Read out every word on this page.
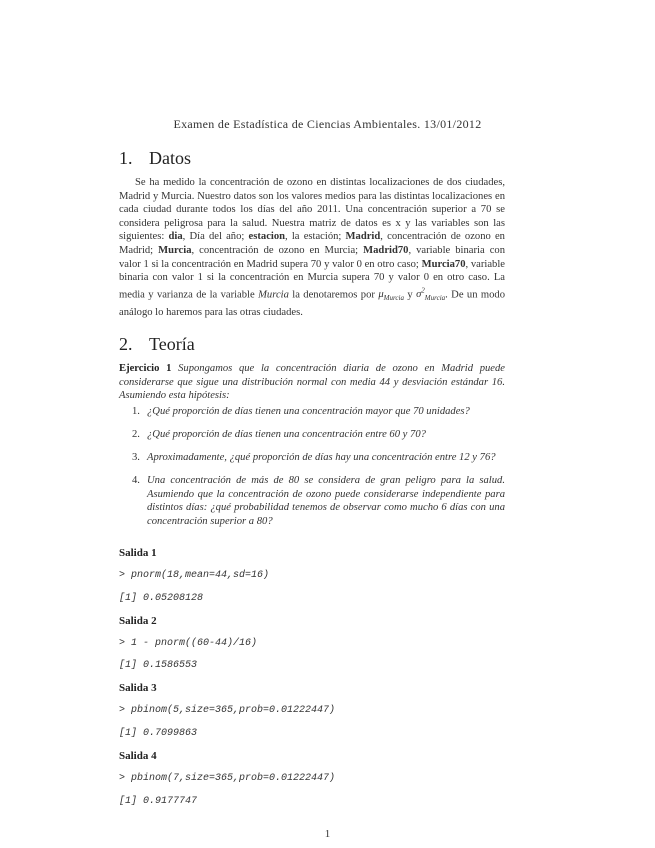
Examen de Estadística de Ciencias Ambientales. 13/01/2012
1. Datos
Se ha medido la concentración de ozono en distintas localizaciones de dos ciudades, Madrid y Murcia. Nuestro datos son los valores medios para las distintas localizaciones en cada ciudad durante todos los días del año 2011. Una concentración superior a 70 se considera peligrosa para la salud. Nuestra matriz de datos es x y las variables son las siguientes: dia, Día del año; estacion, la estación; Madrid, concentración de ozono en Madrid; Murcia, concentración de ozono en Murcia; Madrid70, variable binaria con valor 1 si la concentración en Madrid supera 70 y valor 0 en otro caso; Murcia70, variable binaria con valor 1 si la concentración en Murcia supera 70 y valor 0 en otro caso. La media y varianza de la variable Murcia la denotaremos por $\mu_{Murcia}$ y $\sigma^2_{Murcia}$. De un modo análogo lo haremos para las otras ciudades.
2. Teoría
Ejercicio 1 Supongamos que la concentración diaria de ozono en Madrid puede considerarse que sigue una distribución normal con media 44 y desviación estándar 16. Asumiendo esta hipótesis:
1. ¿Qué proporción de días tienen una concentración mayor que 70 unidades?
2. ¿Qué proporción de días tienen una concentración entre 60 y 70?
3. Aproximadamente, ¿qué proporción de días hay una concentración entre 12 y 76?
4. Una concentración de más de 80 se considera de gran peligro para la salud. Asumiendo que la concentración de ozono puede considerarse independiente para distintos días: ¿qué probabilidad tenemos de observar como mucho 6 días con una concentración superior a 80?
Salida 1
> pnorm(18,mean=44,sd=16)
[1] 0.05208128
Salida 2
> 1 - pnorm((60-44)/16)
[1] 0.1586553
Salida 3
> pbinom(5,size=365,prob=0.01222447)
[1] 0.7099863
Salida 4
> pbinom(7,size=365,prob=0.01222447)
[1] 0.9177747
1
